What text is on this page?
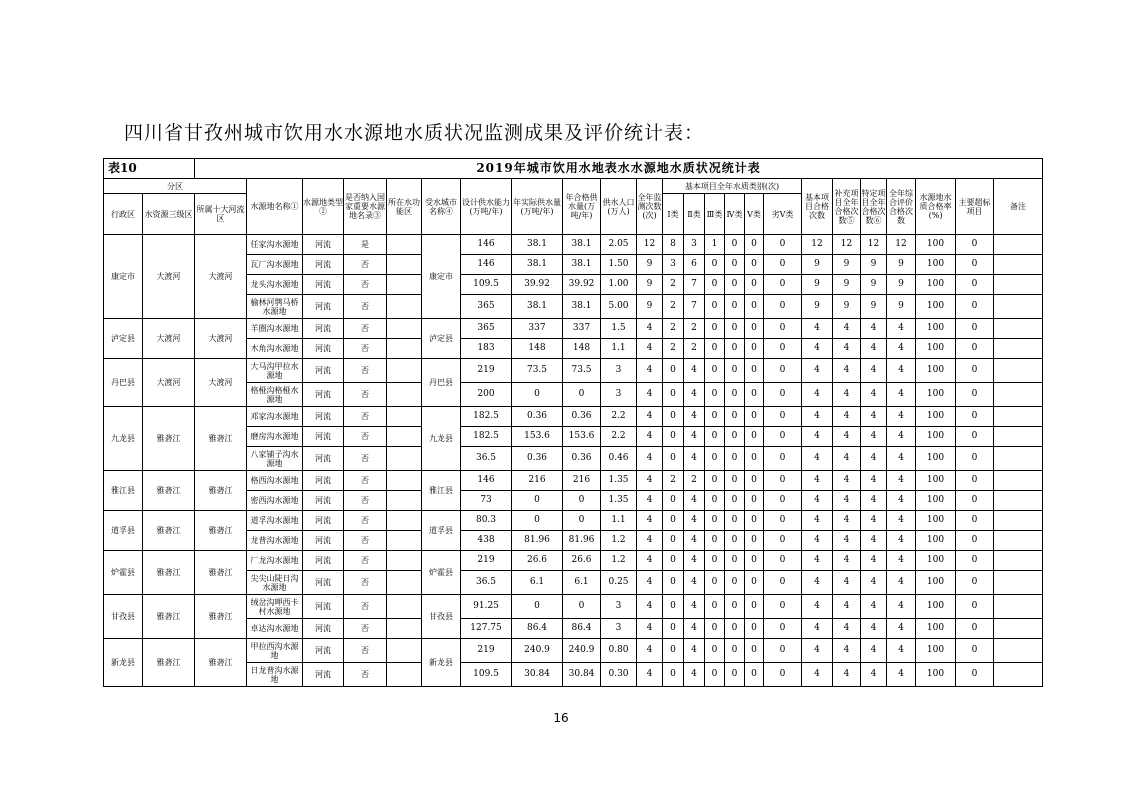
四川省甘孜州城市饮用水水源地水质状况监测成果及评价统计表：
表10		2019年城市饮用水地表水水源地水质状况统计表																							
分区			水源地名称①	水源地类型②	是否纳入国家重要水源地名录③	所在水功能区	受水城市名称④	设计供水能力(万吨/年)	年实际供水量(万吨/年)	年合格供水量(万吨/年)	供水人口(万人)	全年监测次数(次)	基本项目全年水质类别(次)						基本项目合格次数	补充项目全年合格次数⑤	特定项目全年合格次数⑥	全年综合评价合格次数	水源地水质合格率(%)	主要超标项目	备注
行政区	水资源三级区	所属十大河流区											Ⅰ类	Ⅱ类	Ⅲ类	Ⅳ类	Ⅴ类	劣Ⅴ类							
康定市	大渡河	大渡河	任家沟水源地	河流	是		康定市	146	38.1	38.1	2.05	12	8	3	1	0	0	0	12	12	12	12	100	0	
			瓦厂沟水源地	河流	否			146	38.1	38.1	1.50	9	3	6	0	0	0	0	9	9	9	9	100	0	
			龙头沟水源地	河流	否			109.5	39.92	39.92	1.00	9	2	7	0	0	0	0	9	9	9	9	100	0	
			榆林河鹗马桥水源地	河流	否			365	38.1	38.1	5.00	9	2	7	0	0	0	0	9	9	9	9	100	0	
泸定县	大渡河	大渡河	羊圈沟水源地	河流	否		泸定县	365	337	337	1.5	4	2	2	0	0	0	0	4	4	4	4	100	0	
			木角沟水源地	河流	否			183	148	148	1.1	4	2	2	0	0	0	0	4	4	4	4	100	0	
丹巴县	大渡河	大渡河	大马沟甲拉水源地	河流	否		丹巴县	219	73.5	73.5	3	4	0	4	0	0	0	0	4	4	4	4	100	0	
			格桠沟格桠水源地	河流	否			200	0	0	3	4	0	4	0	0	0	0	4	4	4	4	100	0	
九龙县	雅砻江	雅砻江	邓家沟水源地	河流	否		九龙县	182.5	0.36	0.36	2.2	4	0	4	0	0	0	0	4	4	4	4	100	0	
			磨房沟水源地	河流	否			182.5	153.6	153.6	2.2	4	0	4	0	0	0	0	4	4	4	4	100	0	
			八家铺子沟水源地	河流	否			36.5	0.36	0.36	0.46	4	0	4	0	0	0	0	4	4	4	4	100	0	
雅江县	雅砻江	雅砻江	格西沟水源地	河流	否		雅江县	146	216	216	1.35	4	2	2	0	0	0	0	4	4	4	4	100	0	
			密西沟水源地	河流	否			73	0	0	1.35	4	0	4	0	0	0	0	4	4	4	4	100	0	
道孚县	雅砻江	雅砻江	道孚沟水源地	河流	否		道孚县	80.3	0	0	1.1	4	0	4	0	0	0	0	4	4	4	4	100	0	
			龙普沟水源地	河流	否			438	81.96	81.96	1.2	4	0	4	0	0	0	0	4	4	4	4	100	0	
炉霍县	雅砻江	雅砻江	厂龙沟水源地	河流	否		炉霍县	219	26.6	26.6	1.2	4	0	4	0	0	0	0	4	4	4	4	100	0	
			尖尖山陡日沟水源地	河流	否			36.5	6.1	6.1	0.25	4	0	4	0	0	0	0	4	4	4	4	100	0	
甘孜县	雅砻江	雅砻江	绒岔沟呷西卡村水源地	河流	否		甘孜县	91.25	0	0	3	4	0	4	0	0	0	0	4	4	4	4	100	0	
			卓达沟水源地	河流	否			127.75	86.4	86.4	3	4	0	4	0	0	0	0	4	4	4	4	100	0	
新龙县	雅砻江	雅砻江	甲拉西沟水源地	河流	否		新龙县	219	240.9	240.9	0.80	4	0	4	0	0	0	0	4	4	4	4	100	0	
			日龙普沟水源地	河流	否			109.5	30.84	30.84	0.30	4	0	4	0	0	0	0	4	4	4	4	100	0	
16
